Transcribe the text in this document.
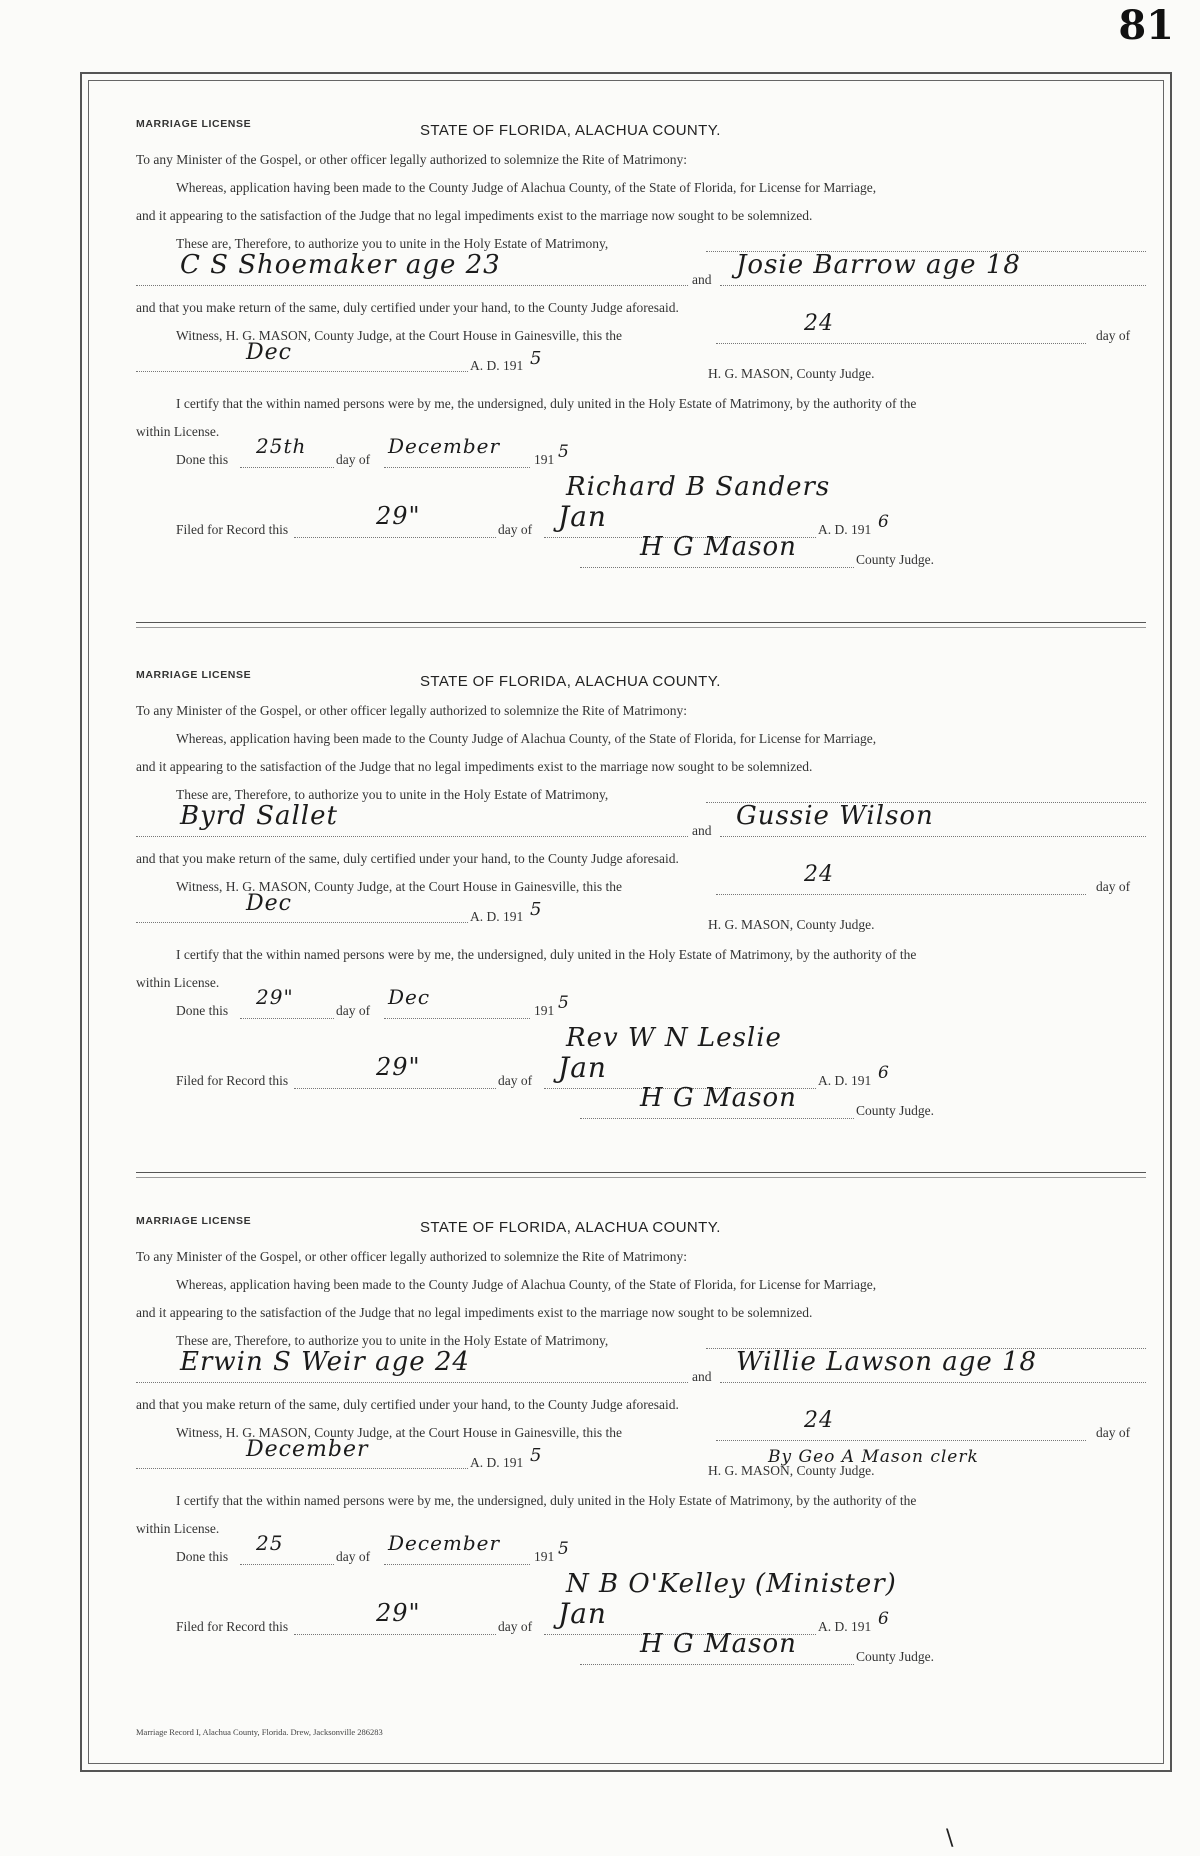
81
MARRIAGE LICENSE	STATE OF FLORIDA, ALACHUA COUNTY.
To any Minister of the Gospel, or other officer legally authorized to solemnize the Rite of Matrimony:
Whereas, application having been made to the County Judge of Alachua County, of the State of Florida, for License for Marriage,
and it appearing to the satisfaction of the Judge that no legal impediments exist to the marriage now sought to be solemnized.
These are, Therefore, to authorize you to unite in the Holy Estate of Matrimony,
C S Shoemaker age 23	and Josie Barrow age 18
and that you make return of the same, duly certified under your hand, to the County Judge aforesaid.
Witness, H. G. MASON, County Judge, at the Court House in Gainesville, this the	24	day of
Dec
A. D. 191 5
H. G. MASON, County Judge.
I certify that the within named persons were by me, the undersigned, duly united in the Holy Estate of Matrimony, by the authority of the
within License.
Done this
25th
day of
December
191 5
Richard B Sanders
Filed for Record this	29"	day of Jan	A. D. 191 6
H G Mason	County Judge.
MARRIAGE LICENSE	STATE OF FLORIDA, ALACHUA COUNTY.
To any Minister of the Gospel, or other officer legally authorized to solemnize the Rite of Matrimony:
Whereas, application having been made to the County Judge of Alachua County, of the State of Florida, for License for Marriage,
and it appearing to the satisfaction of the Judge that no legal impediments exist to the marriage now sought to be solemnized.
These are, Therefore, to authorize you to unite in the Holy Estate of Matrimony,
Byrd Sallet	and Gussie Wilson
and that you make return of the same, duly certified under your hand, to the County Judge aforesaid.
Witness, H. G. MASON, County Judge, at the Court House in Gainesville, this the	24	day of
Dec
A. D. 191 5
H. G. MASON, County Judge.
I certify that the within named persons were by me, the undersigned, duly united in the Holy Estate of Matrimony, by the authority of the
within License.
Done this
29"
day of
Dec
191 5
Rev W N Leslie
Filed for Record this	29"	day of Jan	A. D. 191 6
H G Mason	County Judge.
MARRIAGE LICENSE	STATE OF FLORIDA, ALACHUA COUNTY.
To any Minister of the Gospel, or other officer legally authorized to solemnize the Rite of Matrimony:
Whereas, application having been made to the County Judge of Alachua County, of the State of Florida, for License for Marriage,
and it appearing to the satisfaction of the Judge that no legal impediments exist to the marriage now sought to be solemnized.
These are, Therefore, to authorize you to unite in the Holy Estate of Matrimony,
Erwin S Weir age 24	and Willie Lawson age 18
and that you make return of the same, duly certified under your hand, to the County Judge aforesaid.
Witness, H. G. MASON, County Judge, at the Court House in Gainesville, this the	24	day of
December
A. D. 191 5
H. G. MASON, County Judge.
By Geo A Mason clerk
I certify that the within named persons were by me, the undersigned, duly united in the Holy Estate of Matrimony, by the authority of the
within License.
Done this
25
day of
December
191 5
N B O'Kelley (Minister)
Filed for Record this	29"	day of Jan	A. D. 191 6
H G Mason	County Judge.
Marriage Record I, Alachua County, Florida. Drew, Jacksonville 286283
\
